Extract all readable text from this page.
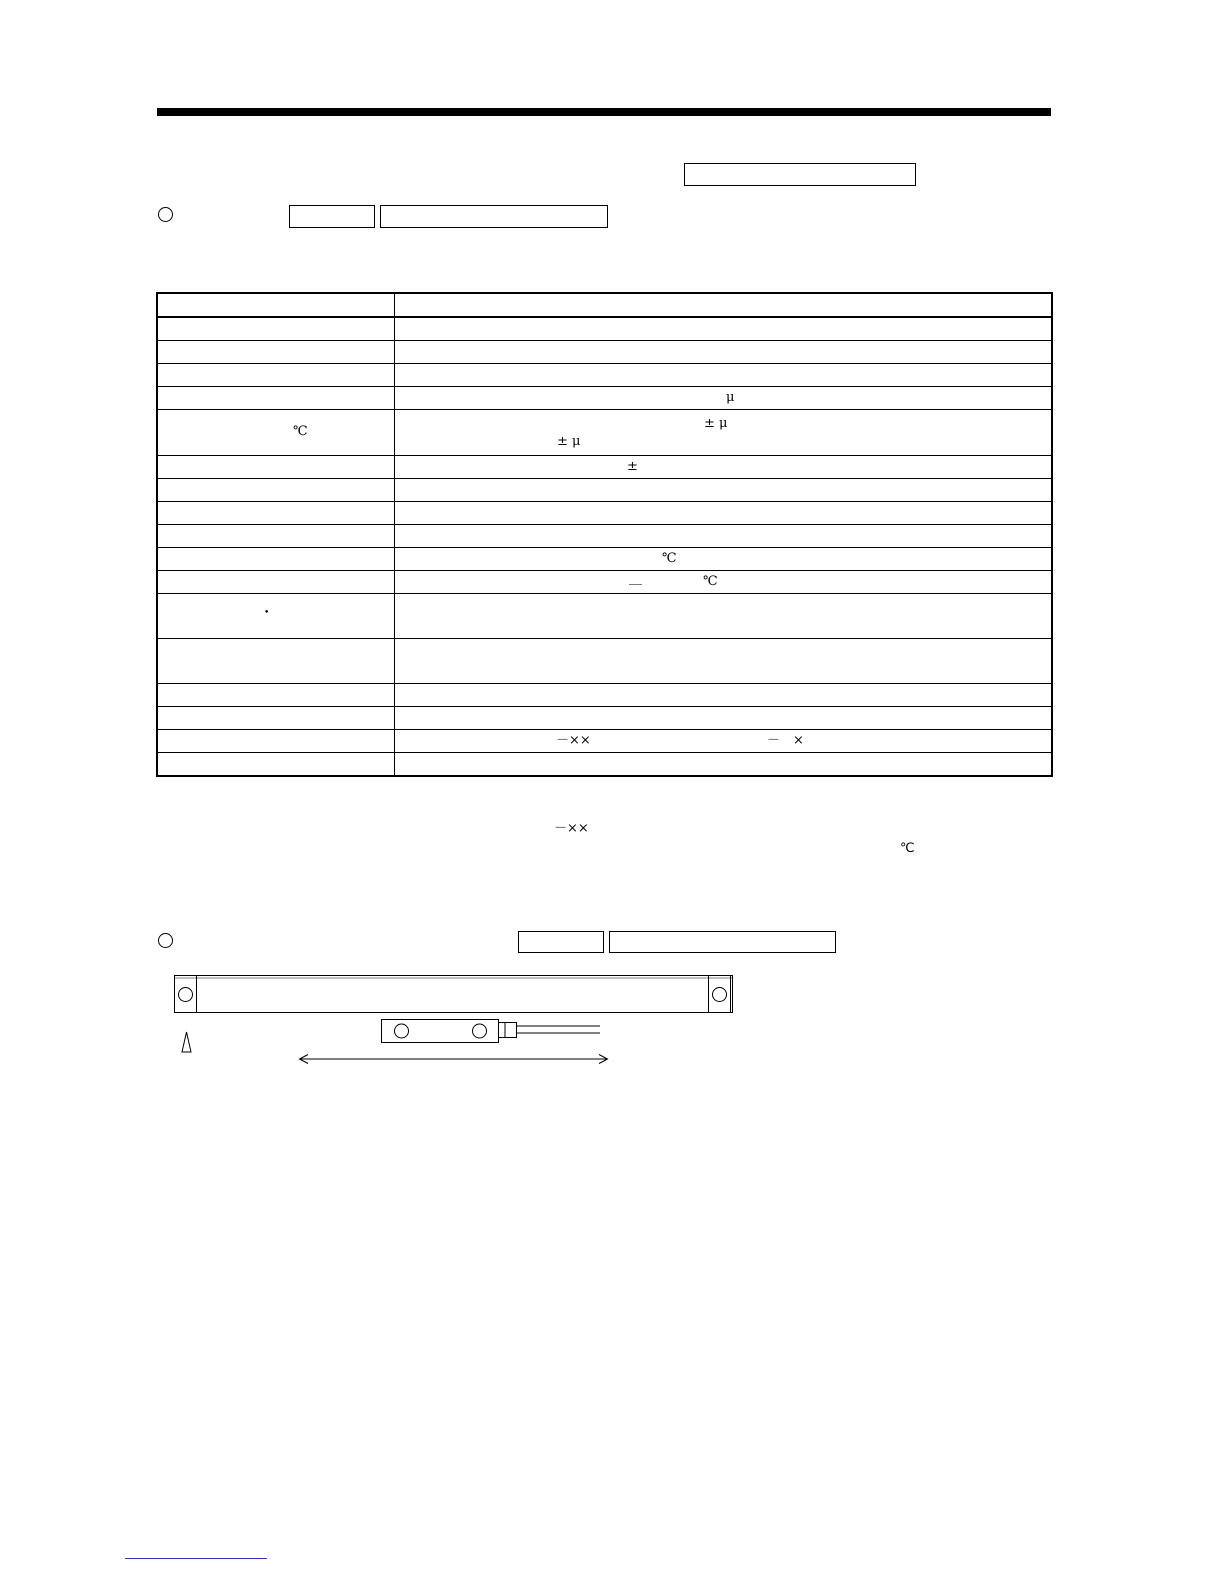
	μ

℃	± μ
± μ

	±

	℃

	＿ ℃

•	

	－×× －　×

－××
℃
